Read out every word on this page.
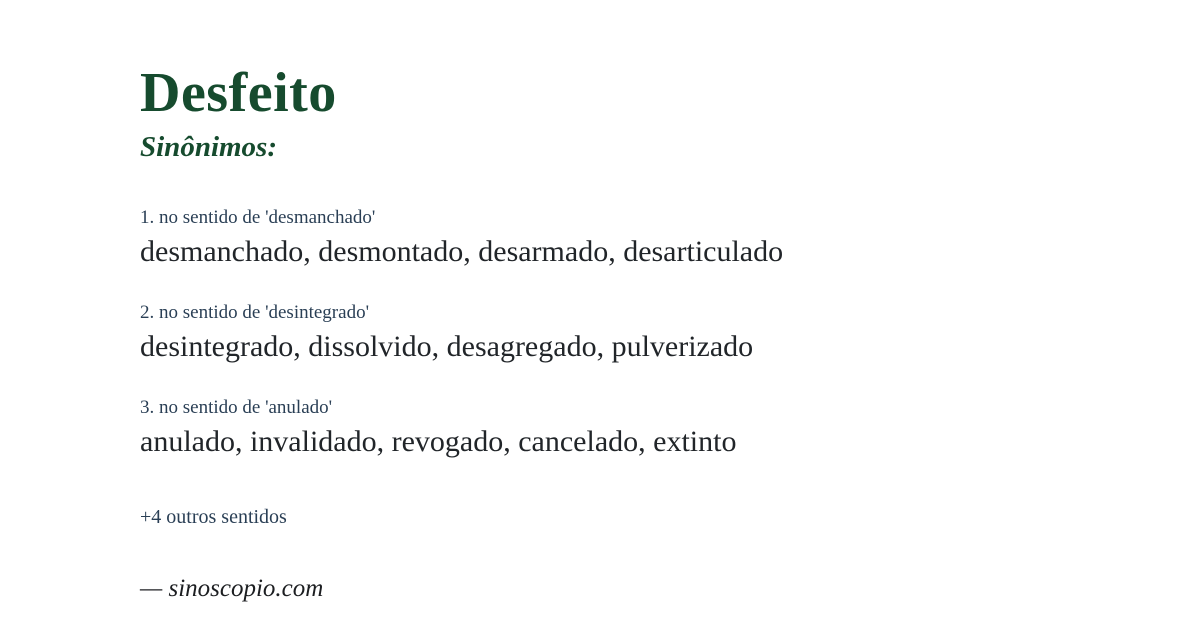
Desfeito
Sinônimos:
1. no sentido de 'desmanchado'
desmanchado, desmontado, desarmado, desarticulado
2. no sentido de 'desintegrado'
desintegrado, dissolvido, desagregado, pulverizado
3. no sentido de 'anulado'
anulado, invalidado, revogado, cancelado, extinto
+4 outros sentidos
— sinoscopio.com
